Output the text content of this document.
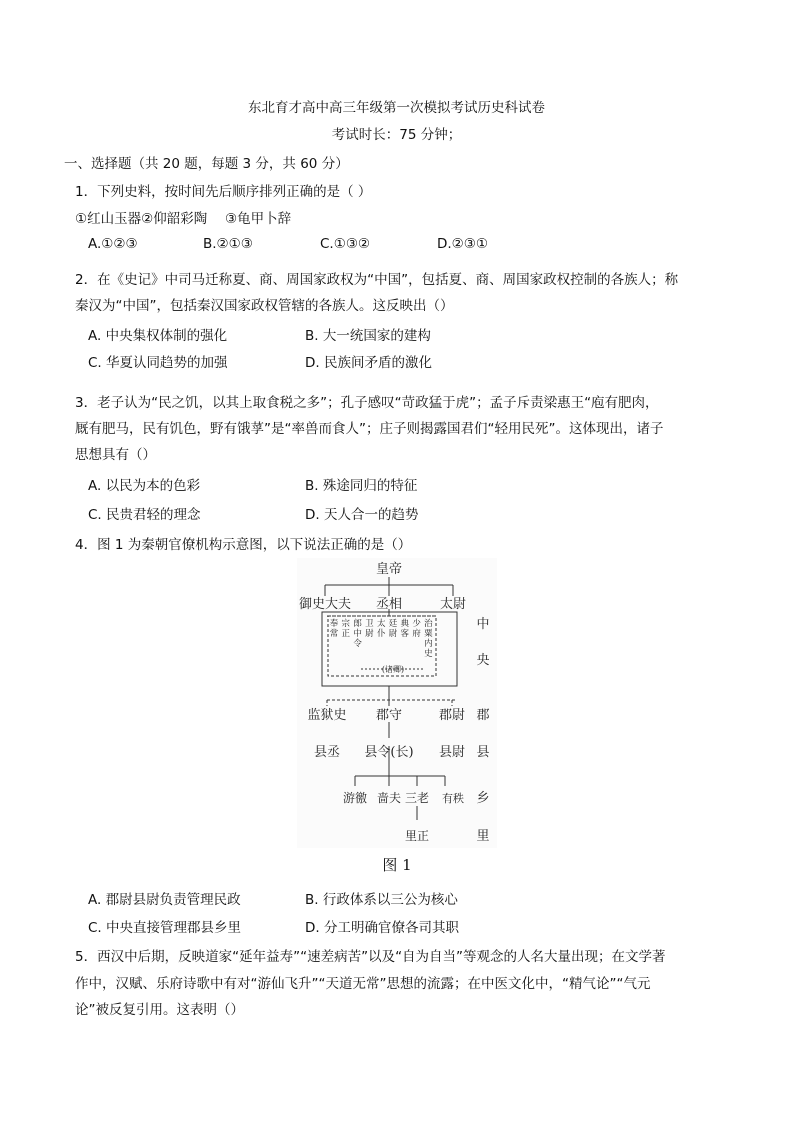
东北育才高中高三年级第一次模拟考试历史科试卷
考试时长：75 分钟；
一、选择题（共 20 题，每题 3 分，共 60 分）
1．下列史料，按时间先后顺序排列正确的是（ ）
①红山玉器②仰韶彩陶　 ③龟甲卜辞
A.①②③	B.②①③	C.①③②	D.②③①
2．在《史记》中司马迁称夏、商、周国家政权为“中国”，包括夏、商、周国家政权控制的各族人；称
秦汉为“中国”，包括秦汉国家政权管辖的各族人。这反映出（）
A. 中央集权体制的强化	B. 大一统国家的建构
C. 华夏认同趋势的加强	D. 民族间矛盾的激化
3．老子认为“民之饥，以其上取食税之多”；孔子感叹“苛政猛于虎”；孟子斥责梁惠王“庖有肥肉，
厩有肥马，民有饥色，野有饿莩”是“率兽而食人”；庄子则揭露国君们“轻用民死”。这体现出，诸子
思想具有（）
A. 以民为本的色彩	B. 殊途同归的特征
C. 民贵君轻的理念	D. 天人合一的趋势
4．图 1 为秦朝官僚机构示意图，以下说法正确的是（）
皇帝
御史大夫 丞相	太尉
奉常
宗正
郎中令
卫尉
太仆
廷尉
典客
少府
治粟内史
(诸卿)
监狱史 郡守	郡尉
县丞 县令(长) 县尉
游徼 啬夫 三老 有秩
里正
中
央
郡
县
乡
里
图 1
A. 郡尉县尉负责管理民政	B. 行政体系以三公为核心
C. 中央直接管理郡县乡里	D. 分工明确官僚各司其职
5．西汉中后期，反映道家“延年益寿”“速差病苦”以及“自为自当”等观念的人名大量出现；在文学著
作中，汉赋、乐府诗歌中有对“游仙飞升”“天道无常”思想的流露；在中医文化中，“精气论”“气元
论”被反复引用。这表明（）
